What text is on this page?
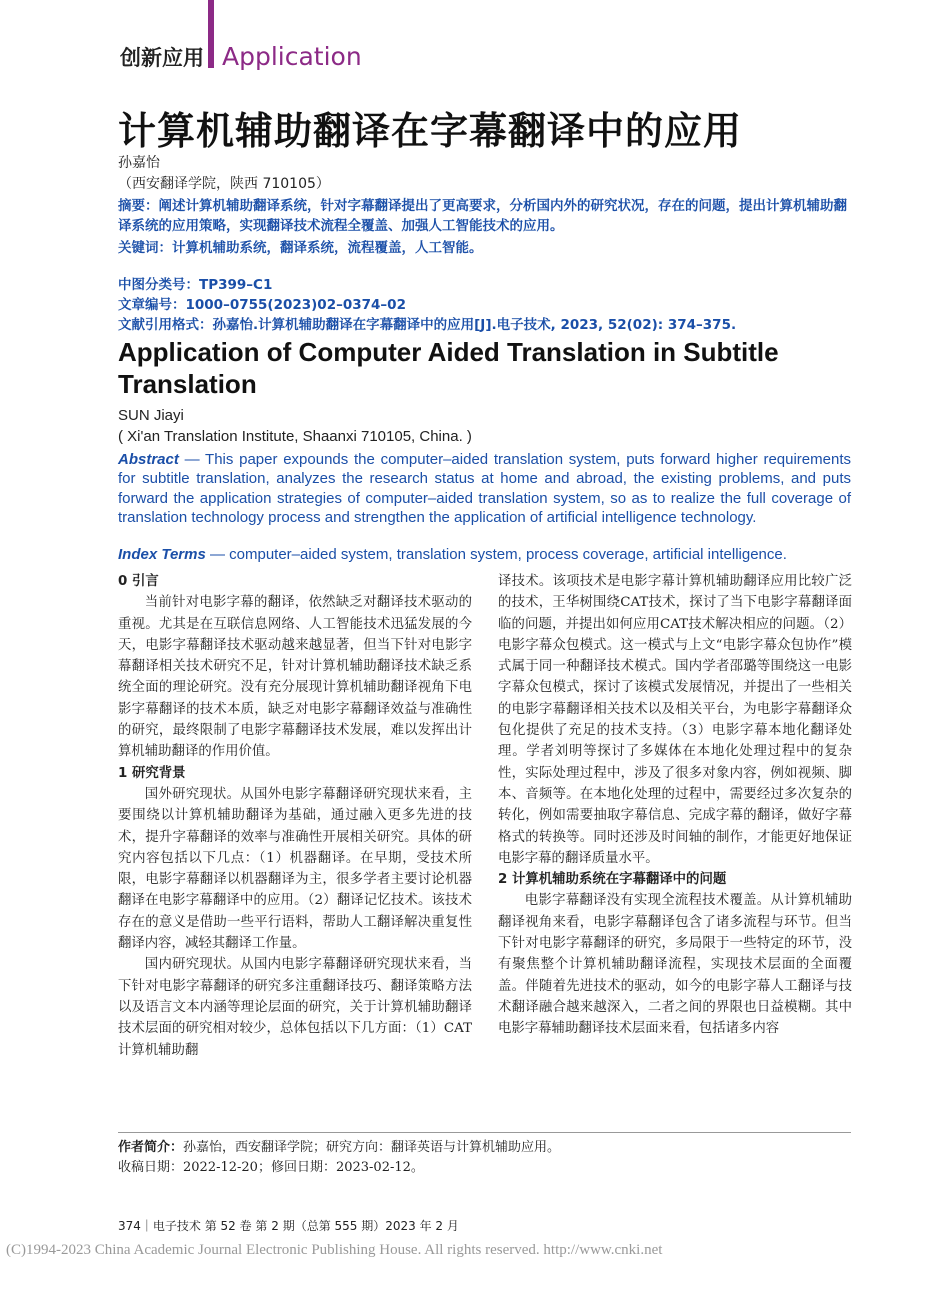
创新应用 Application
计算机辅助翻译在字幕翻译中的应用
孙嘉怡
（西安翻译学院，陕西 710105）
摘要：阐述计算机辅助翻译系统，针对字幕翻译提出了更高要求，分析国内外的研究状况，存在的问题，提出计算机辅助翻译系统的应用策略，实现翻译技术流程全覆盖、加强人工智能技术的应用。
关键词：计算机辅助系统，翻译系统，流程覆盖，人工智能。
中图分类号：TP399–C1
文章编号：1000–0755(2023)02–0374–02
文献引用格式：孙嘉怡.计算机辅助翻译在字幕翻译中的应用[J].电子技术, 2023, 52(02): 374–375.
Application of Computer Aided Translation in Subtitle Translation
SUN Jiayi
( Xi'an Translation Institute, Shaanxi 710105, China. )
Abstract — This paper expounds the computer–aided translation system, puts forward higher requirements for subtitle translation, analyzes the research status at home and abroad, the existing problems, and puts forward the application strategies of computer–aided translation system, so as to realize the full coverage of translation technology process and strengthen the application of artificial intelligence technology.
Index Terms — computer–aided system, translation system, process coverage, artificial intelligence.

0 引言

当前针对电影字幕的翻译，依然缺乏对翻译技术驱动的重视。尤其是在互联信息网络、人工智能技术迅猛发展的今天，电影字幕翻译技术驱动越来越显著，但当下针对电影字幕翻译相关技术研究不足，针对计算机辅助翻译技术缺乏系统全面的理论研究。没有充分展现计算机辅助翻译视角下电影字幕翻译的技术本质，缺乏对电影字幕翻译效益与准确性的研究，最终限制了电影字幕翻译技术发展，难以发挥出计算机辅助翻译的作用价值。

1 研究背景

国外研究现状。从国外电影字幕翻译研究现状来看，主要围绕以计算机辅助翻译为基础，通过融入更多先进的技术，提升字幕翻译的效率与准确性开展相关研究。具体的研究内容包括以下几点：（1）机器翻译。在早期，受技术所限，电影字幕翻译以机器翻译为主，很多学者主要讨论机器翻译在电影字幕翻译中的应用。（2）翻译记忆技术。该技术存在的意义是借助一些平行语料，帮助人工翻译解决重复性翻译内容，减轻其翻译工作量。

国内研究现状。从国内电影字幕翻译研究现状来看，当下针对电影字幕翻译的研究多注重翻译技巧、翻译策略方法以及语言文本内涵等理论层面的研究，关于计算机辅助翻译技术层面的研究相对较少，总体包括以下几方面：（1）CAT计算机辅助翻

译技术。该项技术是电影字幕计算机辅助翻译应用比较广泛的技术，王华树围绕CAT技术，探讨了当下电影字幕翻译面临的问题，并提出如何应用CAT技术解决相应的问题。（2）电影字幕众包模式。这一模式与上文“电影字幕众包协作”模式属于同一种翻译技术模式。国内学者邵璐等围绕这一电影字幕众包模式，探讨了该模式发展情况，并提出了一些相关的电影字幕翻译相关技术以及相关平台，为电影字幕翻译众包化提供了充足的技术支持。（3）电影字幕本地化翻译处理。学者刘明等探讨了多媒体在本地化处理过程中的复杂性，实际处理过程中，涉及了很多对象内容，例如视频、脚本、音频等。在本地化处理的过程中，需要经过多次复杂的转化，例如需要抽取字幕信息、完成字幕的翻译，做好字幕格式的转换等。同时还涉及时间轴的制作，才能更好地保证电影字幕的翻译质量水平。

2 计算机辅助系统在字幕翻译中的问题

电影字幕翻译没有实现全流程技术覆盖。从计算机辅助翻译视角来看，电影字幕翻译包含了诸多流程与环节。但当下针对电影字幕翻译的研究，多局限于一些特定的环节，没有聚焦整个计算机辅助翻译流程，实现技术层面的全面覆盖。伴随着先进技术的驱动，如今的电影字幕人工翻译与技术翻译融合越来越深入，二者之间的界限也日益模糊。其中电影字幕辅助翻译技术层面来看，包括诸多内容

作者简介：孙嘉怡，西安翻译学院；研究方向：翻译英语与计算机辅助应用。
收稿日期：2022-12-20；修回日期：2023-02-12。
374｜电子技术 第 52 卷 第 2 期（总第 555 期）2023 年 2 月
(C)1994-2023 China Academic Journal Electronic Publishing House. All rights reserved. http://www.cnki.net
